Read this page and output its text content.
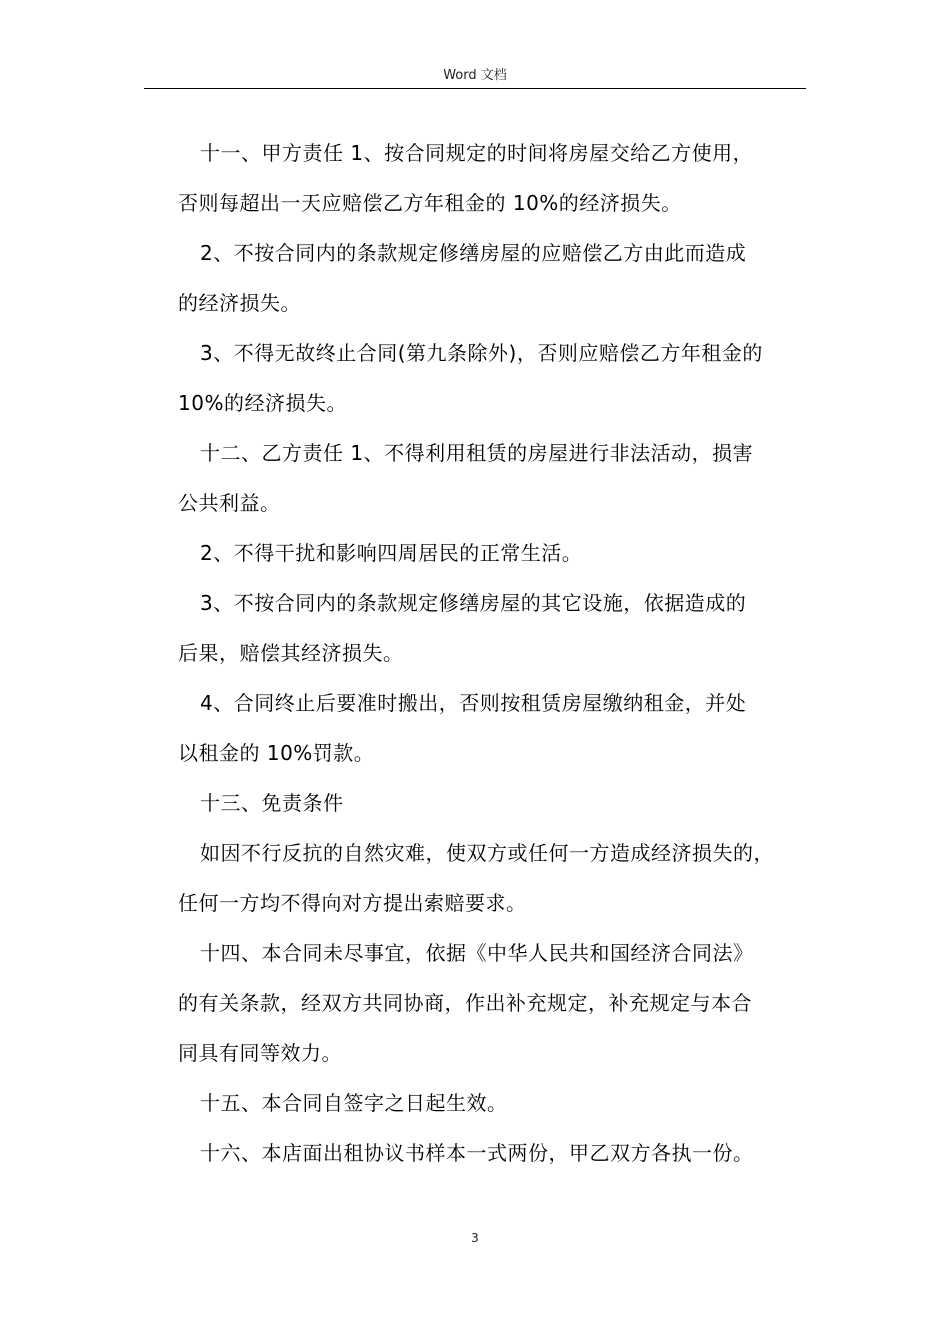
Word 文档
十一、甲方责任 1、按合同规定的时间将房屋交给乙方使用，
否则每超出一天应赔偿乙方年租金的 10%的经济损失。
2、不按合同内的条款规定修缮房屋的应赔偿乙方由此而造成
的经济损失。
3、不得无故终止合同(第九条除外)，否则应赔偿乙方年租金的
10%的经济损失。
十二、乙方责任 1、不得利用租赁的房屋进行非法活动，损害
公共利益。
2、不得干扰和影响四周居民的正常生活。
3、不按合同内的条款规定修缮房屋的其它设施，依据造成的
后果，赔偿其经济损失。
4、合同终止后要准时搬出，否则按租赁房屋缴纳租金，并处
以租金的 10%罚款。
十三、免责条件
如因不行反抗的自然灾难，使双方或任何一方造成经济损失的，
任何一方均不得向对方提出索赔要求。
十四、本合同未尽事宜，依据《中华人民共和国经济合同法》
的有关条款，经双方共同协商，作出补充规定，补充规定与本合
同具有同等效力。
十五、本合同自签字之日起生效。
十六、本店面出租协议书样本一式两份，甲乙双方各执一份。
3
